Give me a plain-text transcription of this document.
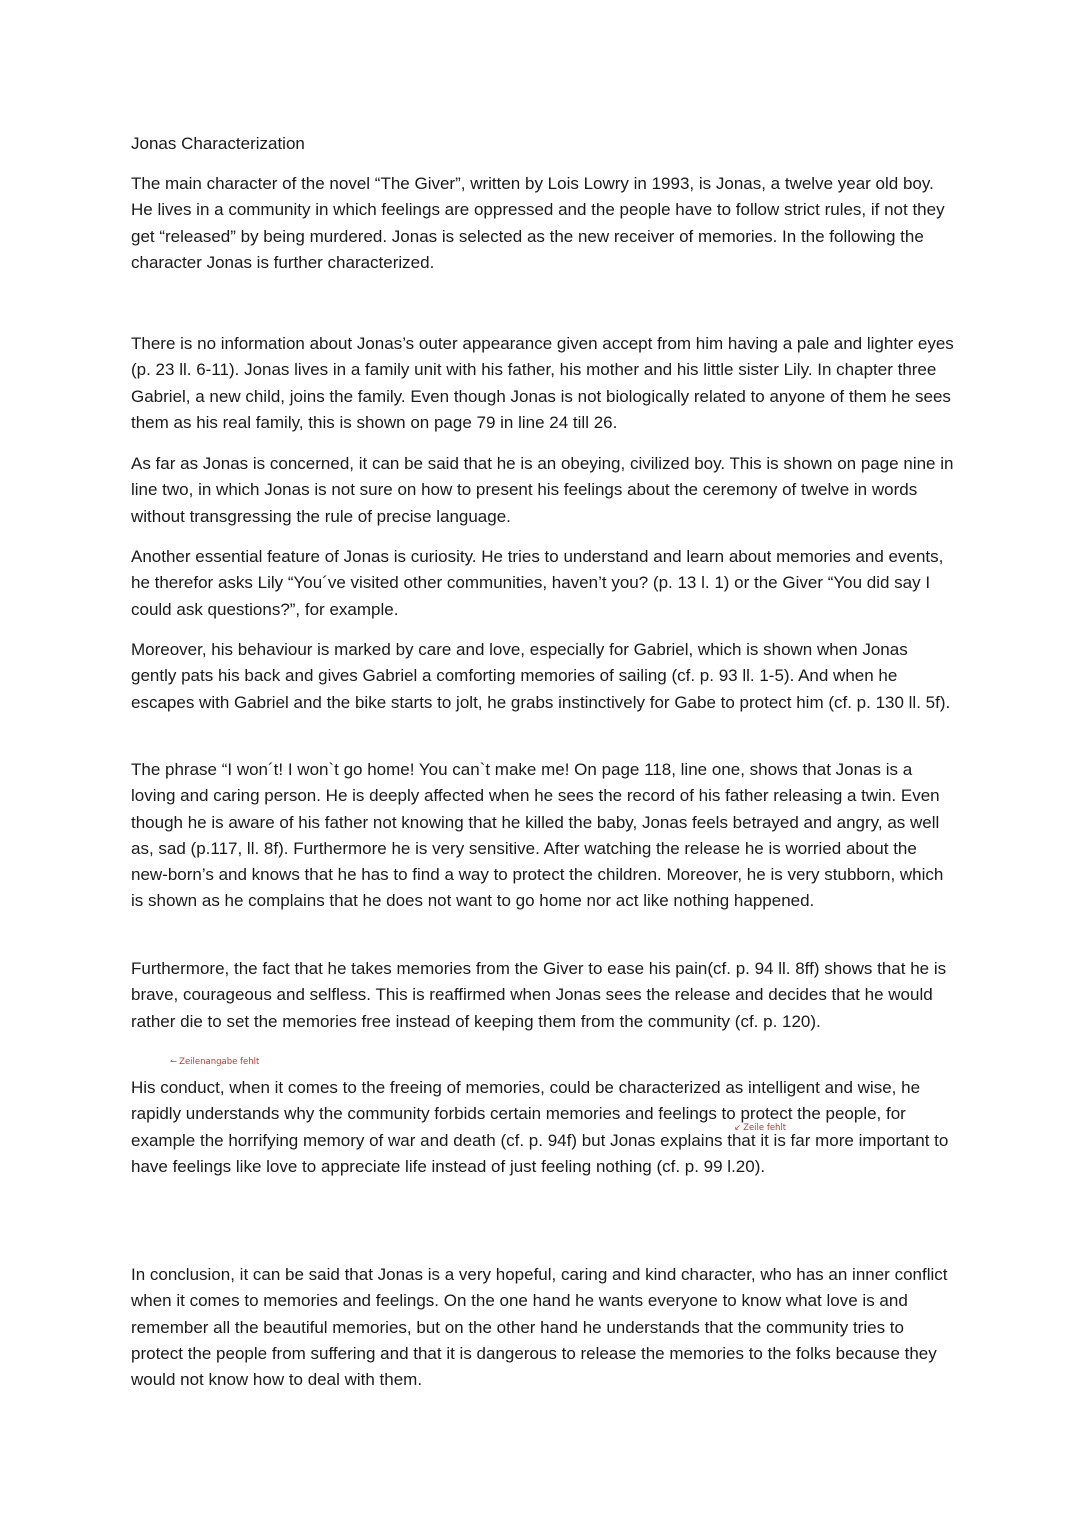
Jonas Characterization

The main character of the novel “The Giver”, written by Lois Lowry in 1993, is Jonas, a twelve year old boy. He lives in a community in which feelings are oppressed and the people have to follow strict rules, if not they get “released” by being murdered. Jonas is selected as the new receiver of memories. In the following the character Jonas is further characterized.

There is no information about Jonas’s outer appearance given accept from him having a pale and lighter eyes (p. 23 ll. 6-11). Jonas lives in a family unit with his father, his mother and his little sister Lily. In chapter three Gabriel, a new child, joins the family. Even though Jonas is not biologically related to anyone of them he sees them as his real family, this is shown on page 79 in line 24 till 26.

As far as Jonas is concerned, it can be said that he is an obeying, civilized boy. This is shown on page nine in line two, in which Jonas is not sure on how to present his feelings about the ceremony of twelve in words without transgressing the rule of precise language.

Another essential feature of Jonas is curiosity. He tries to understand and learn about memories and events, he therefor asks Lily “You´ve visited other communities, haven’t you? (p. 13 l. 1) or the Giver “You did say I could ask questions?”, for example.

Moreover, his behaviour is marked by care and love, especially for Gabriel, which is shown when Jonas gently pats his back and gives Gabriel a comforting memories of sailing (cf. p. 93 ll. 1-5). And when he escapes with Gabriel and the bike starts to jolt, he grabs instinctively for Gabe to protect him (cf. p. 130 ll. 5f).

The phrase “I won´t! I won`t go home! You can`t make me! On page 118, line one, shows that Jonas is a loving and caring person. He is deeply affected when he sees the record of his father releasing a twin. Even though he is aware of his father not knowing that he killed the baby, Jonas feels betrayed and angry, as well as, sad (p.117, ll. 8f). Furthermore he is very sensitive. After watching the release he is worried about the new-born’s and knows that he has to find a way to protect the children. Moreover, he is very stubborn, which is shown as he complains that he does not want to go home nor act like nothing happened.

Furthermore, the fact that he takes memories from the Giver to ease his pain(cf. p. 94 ll. 8ff) shows that he is brave, courageous and selfless. This is reaffirmed when Jonas sees the release and decides that he would rather die to set the memories free instead of keeping them from the community (cf. p. 120).

↼ Zeilenangabe fehlt

His conduct, when it comes to the freeing of memories, could be characterized as intelligent and wise, he rapidly understands why the community forbids certain memories and feelings to protect the people, for example the horrifying memory of war and death (cf. p. 94f) but Jonas explains that it is far more important to have feelings like love to appreciate life instead of just feeling nothing (cf. p. 99 l.20).

↙ Zeile fehlt

In conclusion, it can be said that Jonas is a very hopeful, caring and kind character, who has an inner conflict when it comes to memories and feelings. On the one hand he wants everyone to know what love is and remember all the beautiful memories, but on the other hand he understands that the community tries to protect the people from suffering and that it is dangerous to release the memories to the folks because they would not know how to deal with them.
